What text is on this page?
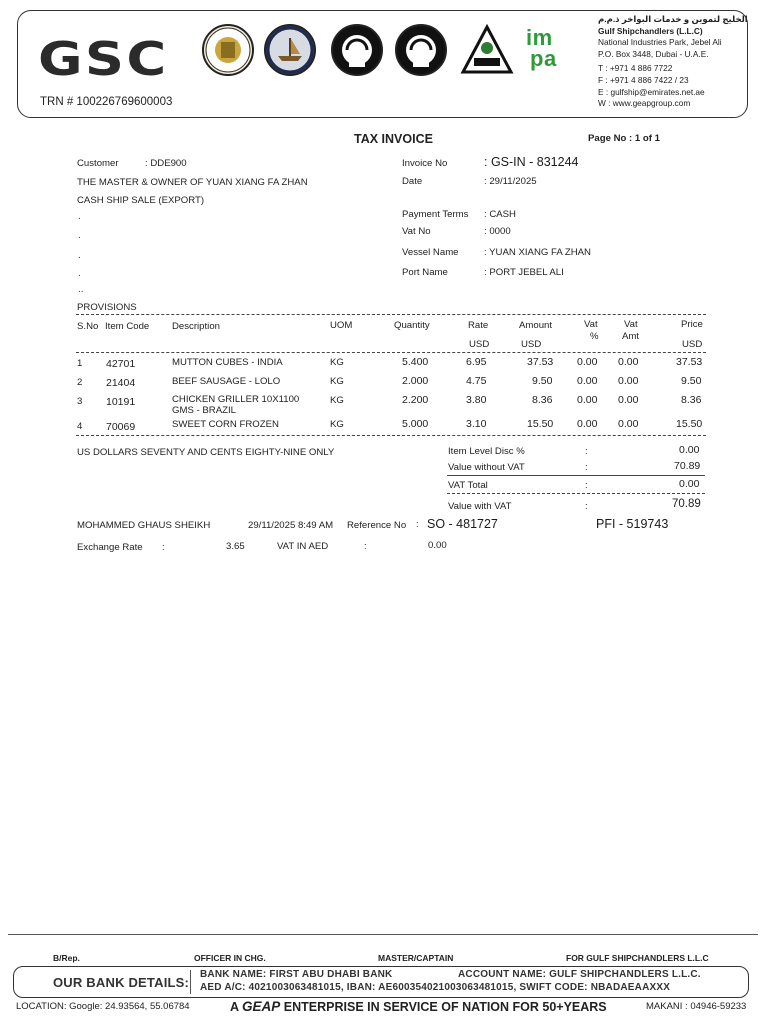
GSC
TRN # 100226769600003
im
pa
الخليج لتموين و خدمات البواخر ذ.م.م
Gulf Shipchandlers (L.L.C)
National Industries Park, Jebel Ali
P.O. Box 3448, Dubai - U.A.E.
T : +971 4 886 7722
F : +971 4 886 7422 / 23
E : gulfship@emirates.net.ae
W : www.geapgroup.com
TAX INVOICE	Page No : 1 of 1
Customer	: DDE900
THE MASTER & OWNER OF YUAN XIANG FA ZHAN
CASH SHIP SALE (EXPORT)
.
.
.
.
..
Invoice No	: GS-IN - 831244
Date	: 29/11/2025
Payment Terms : CASH
Vat No	: 0000
Vessel Name	: YUAN XIANG FA ZHAN
Port Name	: PORT JEBEL ALI
PROVISIONS
S.No Item Code Description	UOM	Quantity	Rate	Amount	Vat
%
Vat
Amt
Price
USD	USD	USD
1 42701	MUTTON CUBES - INDIA	KG	5.400	6.95	37.53 0.00 0.00	37.53
2 21404	BEEF SAUSAGE - LOLO	KG	2.000	4.75	9.50 0.00 0.00	9.50
3 10191	CHICKEN GRILLER 10X1100
GMS - BRAZIL
KG	2.200	3.80	8.36 0.00 0.00	8.36
4 70069	SWEET CORN FROZEN	KG	5.000	3.10	15.50 0.00 0.00	15.50
US DOLLARS SEVENTY AND CENTS EIGHTY-NINE ONLY	Item Level Disc %	:	0.00
Value without VAT	:	70.89
VAT Total	:	0.00
Value with VAT	:	70.89
MOHAMMED GHAUS SHEIKH	29/11/2025 8:49 AM Reference No : SO - 481727	PFI - 519743
Exchange Rate :	3.65	VAT IN AED	:	0.00
B/Rep.	OFFICER IN CHG.	MASTER/CAPTAIN	FOR GULF SHIPCHANDLERS L.L.C
OUR BANK DETAILS:
BANK NAME: FIRST ABU DHABI BANK	ACCOUNT NAME: GULF SHIPCHANDLERS L.L.C.
AED A/C: 4021003063481015, IBAN: AE600354021003063481015, SWIFT CODE: NBADAEAAXXX
LOCATION: Google: 24.93564, 55.06784	A GEAP ENTERPRISE IN SERVICE OF NATION FOR 50+YEARS	MAKANI : 04946-59233
